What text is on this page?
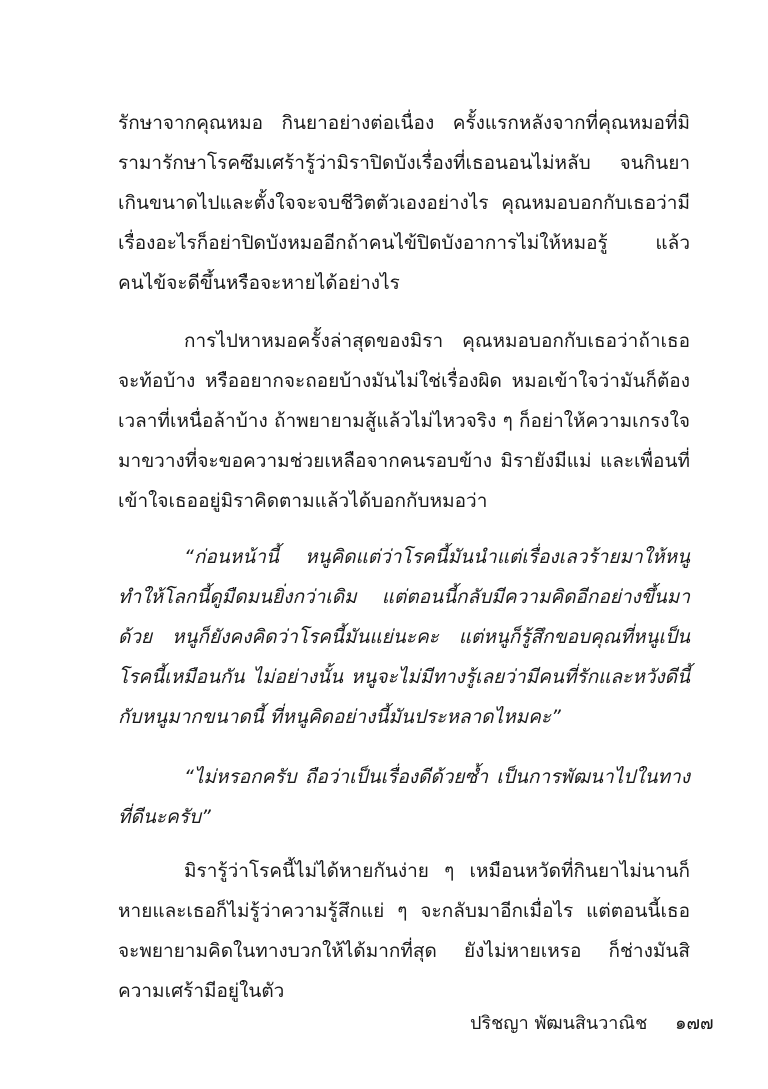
รักษาจากคุณหมอ กินยาอย่างต่อเนื่อง ครั้งแรกหลังจากที่คุณหมอที่มิรามารักษาโรคซึมเศร้ารู้ว่ามิราปิดบังเรื่องที่เธอนอนไม่หลับ จนกินยาเกินขนาดไปและตั้งใจจะจบชีวิตตัวเองอย่างไร คุณหมอบอกกับเธอว่ามีเรื่องอะไรก็อย่าปิดบังหมออีกถ้าคนไข้ปิดบังอาการไม่ให้หมอรู้ แล้วคนไข้จะดีขึ้นหรือจะหายได้อย่างไร
การไปหาหมอครั้งล่าสุดของมิรา คุณหมอบอกกับเธอว่าถ้าเธอจะท้อบ้าง หรืออยากจะถอยบ้างมันไม่ใช่เรื่องผิด หมอเข้าใจว่ามันก็ต้องเวลาที่เหนื่อล้าบ้าง ถ้าพยายามสู้แล้วไม่ไหวจริง ๆ ก็อย่าให้ความเกรงใจมาขวางที่จะขอความช่วยเหลือจากคนรอบข้าง มิรายังมีแม่ และเพื่อนที่เข้าใจเธออยู่มิราคิดตามแล้วได้บอกกับหมอว่า
“ก่อนหน้านี้ หนูคิดแต่ว่าโรคนี้มันนำแต่เรื่องเลวร้ายมาให้หนู ทำให้โลกนี้ดูมืดมนยิ่งกว่าเดิม แต่ตอนนี้กลับมีความคิดอีกอย่างขึ้นมาด้วย หนูก็ยังคงคิดว่าโรคนี้มันแย่นะคะ แต่หนูก็รู้สึกขอบคุณที่หนูเป็นโรคนี้เหมือนกัน ไม่อย่างนั้น หนูจะไม่มีทางรู้เลยว่ามีคนที่รักและหวังดีนี้กับหนูมากขนาดนี้ ที่หนูคิดอย่างนี้มันประหลาดไหมคะ”
“ไม่หรอกครับ ถือว่าเป็นเรื่องดีด้วยซ้ำ เป็นการพัฒนาไปในทางที่ดีนะครับ”
มิรารู้ว่าโรคนี้ไม่ได้หายกันง่าย ๆ เหมือนหวัดที่กินยาไม่นานก็หายและเธอก็ไม่รู้ว่าความรู้สึกแย่ ๆ จะกลับมาอีกเมื่อไร แต่ตอนนี้เธอจะพยายามคิดในทางบวกให้ได้มากที่สุด ยังไม่หายเหรอ ก็ช่างมันสิ ความเศร้ามีอยู่ในตัว
ปริชญา พัฒนสินวาณิช ๑๗๗
